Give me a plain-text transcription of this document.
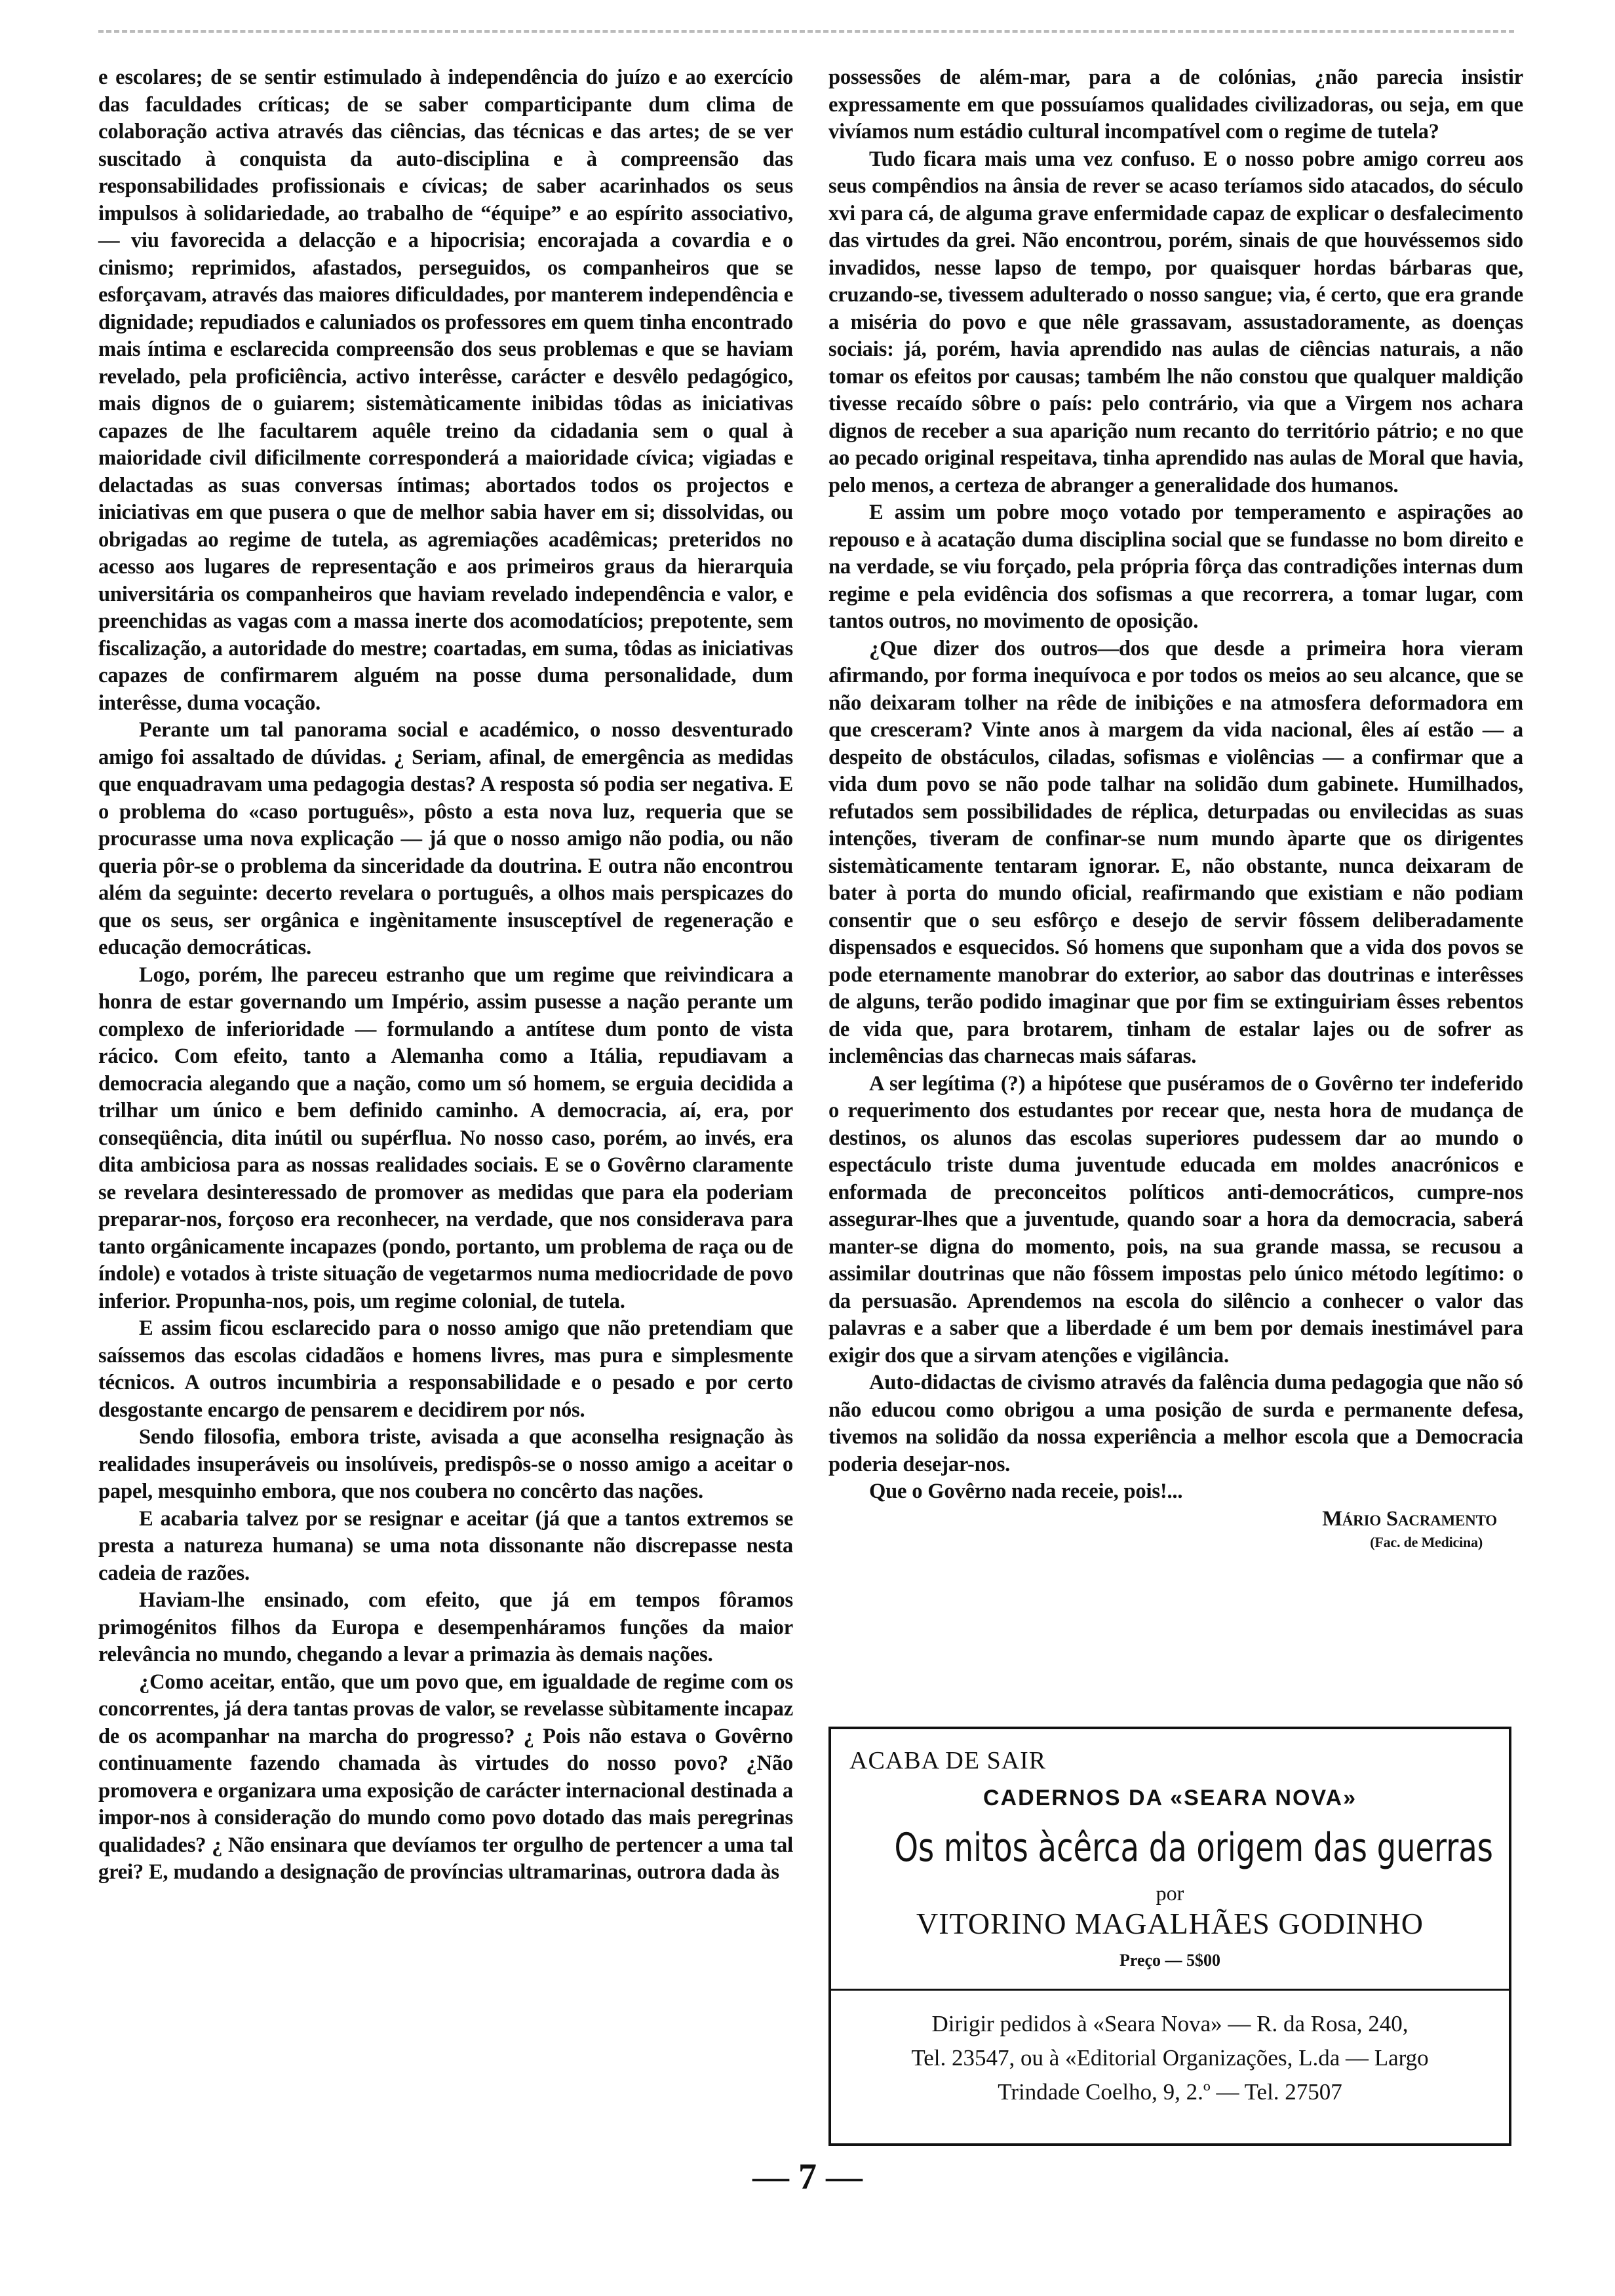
e escolares; de se sentir estimulado à independência do juízo e ao exercício das faculdades críticas; de se saber comparticipante dum clima de colaboração activa através das ciências, das técnicas e das artes; de se ver suscitado à conquista da auto-disciplina e à compreensão das responsabilidades profissionais e cívicas; de saber acarinhados os seus impulsos à solidariedade, ao trabalho de “équipe” e ao espírito associativo, — viu favorecida a delacção e a hipocrisia; encorajada a covardia e o cinismo; reprimidos, afastados, perseguidos, os companheiros que se esforçavam, através das maiores dificuldades, por manterem independência e dignidade; repudiados e caluniados os professores em quem tinha encontrado mais íntima e esclarecida compreensão dos seus problemas e que se haviam revelado, pela proficiência, activo interêsse, carácter e desvêlo pedagógico, mais dignos de o guiarem; sistemàticamente inibidas tôdas as iniciativas capazes de lhe facultarem aquêle treino da cidadania sem o qual à maioridade civil dificilmente corresponderá a maioridade cívica; vigiadas e delactadas as suas conversas íntimas; abortados todos os projectos e iniciativas em que pusera o que de melhor sabia haver em si; dissolvidas, ou obrigadas ao regime de tutela, as agremiações acadêmicas; preteridos no acesso aos lugares de representação e aos primeiros graus da hierarquia universitária os companheiros que haviam revelado independência e valor, e preenchidas as vagas com a massa inerte dos acomodatícios; prepotente, sem fiscalização, a autoridade do mestre; coartadas, em suma, tôdas as iniciativas capazes de confirmarem alguém na posse duma personalidade, dum interêsse, duma vocação.

Perante um tal panorama social e académico, o nosso desventurado amigo foi assaltado de dúvidas. ¿ Seriam, afinal, de emergência as medidas que enquadravam uma pedagogia destas? A resposta só podia ser negativa. E o problema do «caso português», pôsto a esta nova luz, requeria que se procurasse uma nova explicação — já que o nosso amigo não podia, ou não queria pôr-se o problema da sinceridade da doutrina. E outra não encontrou além da seguinte: decerto revelara o português, a olhos mais perspicazes do que os seus, ser orgânica e ingènitamente insusceptível de regeneração e educação democráticas.

Logo, porém, lhe pareceu estranho que um regime que reivindicara a honra de estar governando um Império, assim pusesse a nação perante um complexo de inferioridade — formulando a antítese dum ponto de vista rácico. Com efeito, tanto a Alemanha como a Itália, repudiavam a democracia alegando que a nação, como um só homem, se erguia decidida a trilhar um único e bem definido caminho. A democracia, aí, era, por conseqüência, dita inútil ou supérflua. No nosso caso, porém, ao invés, era dita ambiciosa para as nossas realidades sociais. E se o Govêrno claramente se revelara desinteressado de promover as medidas que para ela poderiam preparar-nos, forçoso era reconhecer, na verdade, que nos considerava para tanto orgânicamente incapazes (pondo, portanto, um problema de raça ou de índole) e votados à triste situação de vegetarmos numa mediocridade de povo inferior. Propunha-nos, pois, um regime colonial, de tutela.

E assim ficou esclarecido para o nosso amigo que não pretendiam que saíssemos das escolas cidadãos e homens livres, mas pura e simplesmente técnicos. A outros incumbiria a responsabilidade e o pesado e por certo desgostante encargo de pensarem e decidirem por nós.

Sendo filosofia, embora triste, avisada a que aconselha resignação às realidades insuperáveis ou insolúveis, predispôs-se o nosso amigo a aceitar o papel, mesquinho embora, que nos coubera no concêrto das nações.

E acabaria talvez por se resignar e aceitar (já que a tantos extremos se presta a natureza humana) se uma nota dissonante não discrepasse nesta cadeia de razões.

Haviam-lhe ensinado, com efeito, que já em tempos fôramos primogénitos filhos da Europa e desempenháramos funções da maior relevância no mundo, chegando a levar a primazia às demais nações.

¿Como aceitar, então, que um povo que, em igualdade de regime com os concorrentes, já dera tantas provas de valor, se revelasse sùbitamente incapaz de os acompanhar na marcha do progresso? ¿ Pois não estava o Govêrno continuamente fazendo chamada às virtudes do nosso povo? ¿Não promovera e organizara uma exposição de carácter internacional destinada a impor-nos à consideração do mundo como povo dotado das mais peregrinas qualidades? ¿ Não ensinara que devíamos ter orgulho de pertencer a uma tal grei? E, mudando a designação de províncias ultramarinas, outrora dada às

possessões de além-mar, para a de colónias, ¿não parecia insistir expressamente em que possuíamos qualidades civilizadoras, ou seja, em que vivíamos num estádio cultural incompatível com o regime de tutela?

Tudo ficara mais uma vez confuso. E o nosso pobre amigo correu aos seus compêndios na ânsia de rever se acaso teríamos sido atacados, do século xvi para cá, de alguma grave enfermidade capaz de explicar o desfalecimento das virtudes da grei. Não encontrou, porém, sinais de que houvéssemos sido invadidos, nesse lapso de tempo, por quaisquer hordas bárbaras que, cruzando-se, tivessem adulterado o nosso sangue; via, é certo, que era grande a miséria do povo e que nêle grassavam, assustadoramente, as doenças sociais: já, porém, havia aprendido nas aulas de ciências naturais, a não tomar os efeitos por causas; também lhe não constou que qualquer maldição tivesse recaído sôbre o país: pelo contrário, via que a Virgem nos achara dignos de receber a sua aparição num recanto do território pátrio; e no que ao pecado original respeitava, tinha aprendido nas aulas de Moral que havia, pelo menos, a certeza de abranger a generalidade dos humanos.

E assim um pobre moço votado por temperamento e aspirações ao repouso e à acatação duma disciplina social que se fundasse no bom direito e na verdade, se viu forçado, pela própria fôrça das contradições internas dum regime e pela evidência dos sofismas a que recorrera, a tomar lugar, com tantos outros, no movimento de oposição.

¿Que dizer dos outros—dos que desde a primeira hora vieram afirmando, por forma inequívoca e por todos os meios ao seu alcance, que se não deixaram tolher na rêde de inibições e na atmosfera deformadora em que cresceram? Vinte anos à margem da vida nacional, êles aí estão — a despeito de obstáculos, ciladas, sofismas e violências — a confirmar que a vida dum povo se não pode talhar na solidão dum gabinete. Humilhados, refutados sem possibilidades de réplica, deturpadas ou envilecidas as suas intenções, tiveram de confinar-se num mundo àparte que os dirigentes sistemàticamente tentaram ignorar. E, não obstante, nunca deixaram de bater à porta do mundo oficial, reafirmando que existiam e não podiam consentir que o seu esfôrço e desejo de servir fôssem deliberadamente dispensados e esquecidos. Só homens que suponham que a vida dos povos se pode eternamente manobrar do exterior, ao sabor das doutrinas e interêsses de alguns, terão podido imaginar que por fim se extinguiriam êsses rebentos de vida que, para brotarem, tinham de estalar lajes ou de sofrer as inclemências das charnecas mais sáfaras.

A ser legítima (?) a hipótese que puséramos de o Govêrno ter indeferido o requerimento dos estudantes por recear que, nesta hora de mudança de destinos, os alunos das escolas superiores pudessem dar ao mundo o espectáculo triste duma juventude educada em moldes anacrónicos e enformada de preconceitos políticos anti-democráticos, cumpre-nos assegurar-lhes que a juventude, quando soar a hora da democracia, saberá manter-se digna do momento, pois, na sua grande massa, se recusou a assimilar doutrinas que não fôssem impostas pelo único método legítimo: o da persuasão. Aprendemos na escola do silêncio a conhecer o valor das palavras e a saber que a liberdade é um bem por demais inestimável para exigir dos que a sirvam atenções e vigilância.

Auto-didactas de civismo através da falência duma pedagogia que não só não educou como obrigou a uma posição de surda e permanente defesa, tivemos na solidão da nossa experiência a melhor escola que a Democracia poderia desejar-nos.

Que o Govêrno nada receie, pois!...

Mário Sacramento
(Fac. de Medicina)
ACABA DE SAIR
CADERNOS DA «SEARA NOVA»
Os mitos àcêrca da origem das guerras
por
VITORINO MAGALHÃES GODINHO
Preço — 5$00
Dirigir pedidos à «Seara Nova» — R. da Rosa, 240,
Tel. 23547, ou à «Editorial Organizações, L.da — Largo
Trindade Coelho, 9, 2.º — Tel. 27507
— 7 —
